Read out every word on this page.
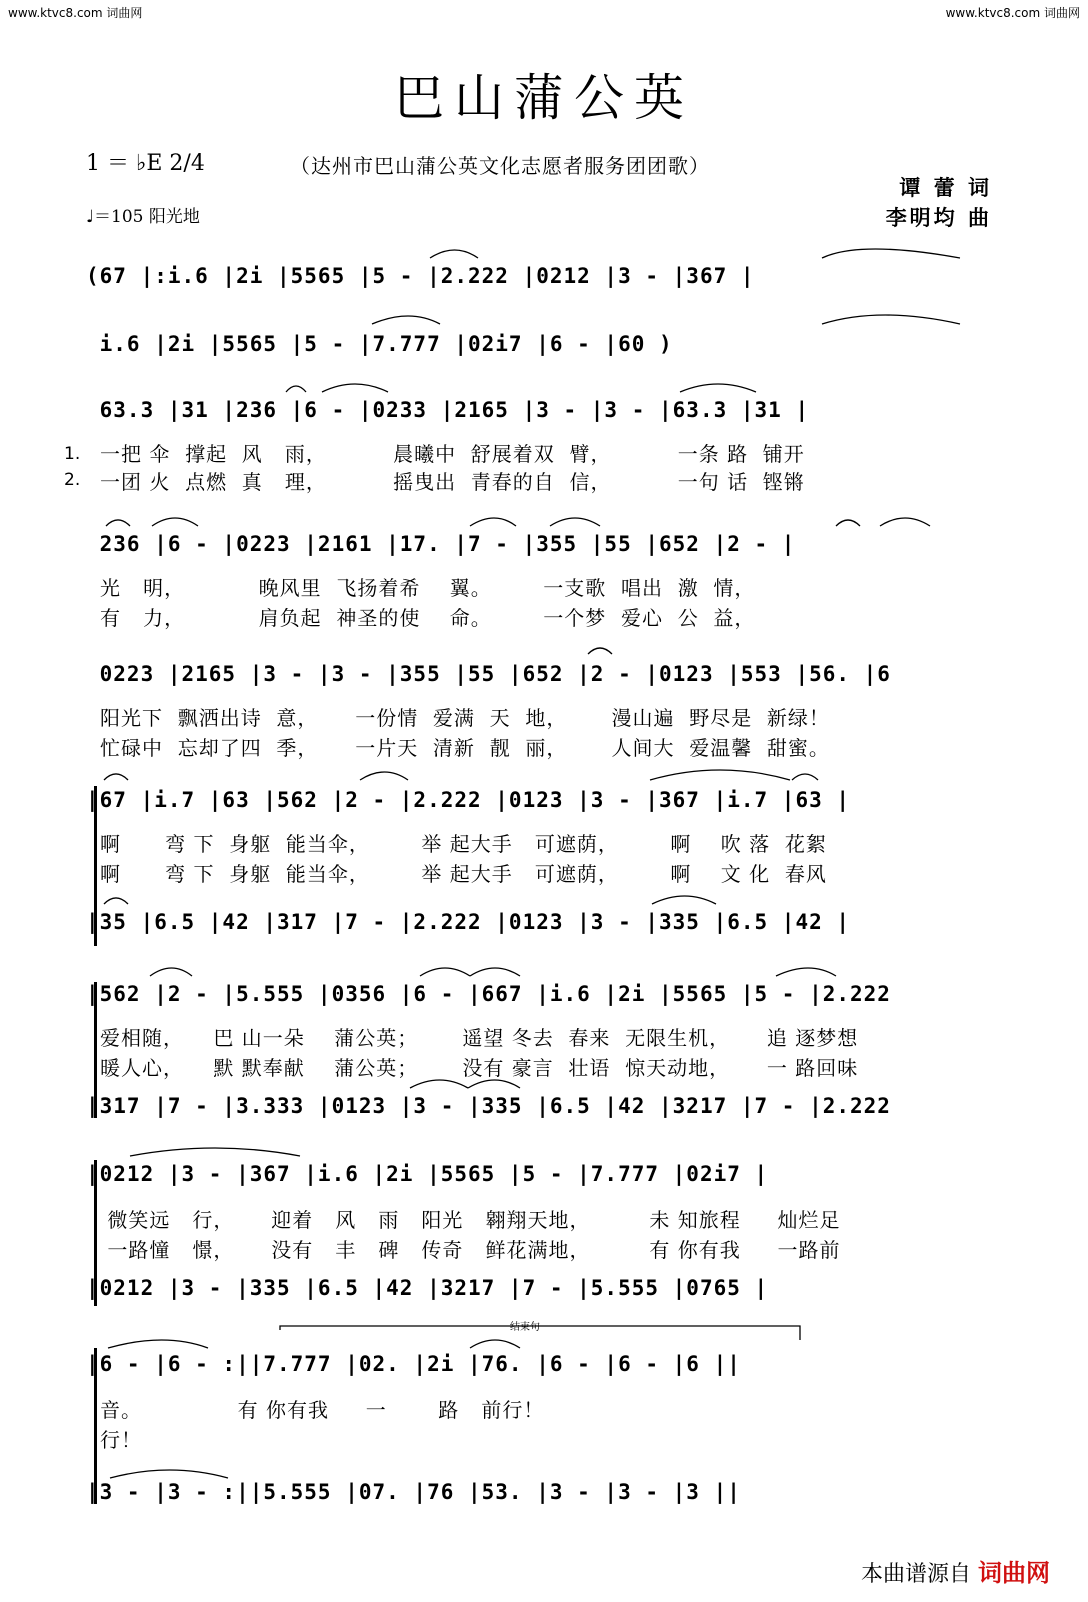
www.ktvc8.com 词曲网	www.ktvc8.com 词曲网
巴山蒲公英
（达州市巴山蒲公英文化志愿者服务团团歌）
1 ＝ ♭E 2/4
♩＝105 阳光地
谭 蕾 词
李明均 曲
(67 |:i.6 |2i |5565 |5 - |2.222 |0212 |3 - |367 |
i.6 |2i |5565 |5 - |7.777 |02i7 |6 - |60 )
63.3 |31 |236 |6 - |0233 |2165 |3 - |3 - |63.3 |31 |
一把 伞  撑起  风   雨，         晨曦中  舒展着双  臂，         一条 路  铺开
1.
一团 火  点燃  真   理，         摇曳出  青春的自  信，         一句 话  铿锵
2.
236 |6 - |0223 |2161 |17. |7 - |355 |55 |652 |2 - |
光   明，          晚风里  飞扬着希    翼。       一支歌  唱出  激  情，
有   力，          肩负起  神圣的使    命。       一个梦  爱心  公  益，
0223 |2165 |3 - |3 - |355 |55 |652 |2 - |0123 |553 |56. |6
阳光下  飘洒出诗  意，     一份情  爱满  天  地，      漫山遍  野尽是  新绿！
忙碌中  忘却了四  季，     一片天  清新  靓  丽，      人间大  爱温馨  甜蜜。
|67 |i.7 |63 |562 |2 - |2.222 |0123 |3 - |367 |i.7 |63 |
啊      弯 下  身躯  能当伞，       举 起大手   可遮荫，       啊    吹 落  花絮
啊      弯 下  身躯  能当伞，       举 起大手   可遮荫，       啊    文 化  春风
|35 |6.5 |42 |317 |7 - |2.222 |0123 |3 - |335 |6.5 |42 |
|562 |2 - |5.555 |0356 |6 - |667 |i.6 |2i |5565 |5 - |2.222
爱相随，    巴 山一朵    蒲公英；      遥望 冬去  春来  无限生机，     追 逐梦想
暖人心，    默 默奉献    蒲公英；      没有 豪言  壮语  惊天动地，     一 路回味
|317 |7 - |3.333 |0123 |3 - |335 |6.5 |42 |3217 |7 - |2.222
|0212 |3 - |367 |i.6 |2i |5565 |5 - |7.777 |02i7 |
微笑远   行，     迎着   风   雨   阳光   翱翔天地，        未 知旅程     灿烂足
一路憧   憬，     没有   丰   碑   传奇   鲜花满地，        有 你有我     一路前
|0212 |3 - |335 |6.5 |42 |3217 |7 - |5.555 |0765 |
结束句
|6 - |6 - :||7.777 |02. |2i |76. |6 - |6 - |6 ||
音。             有 你有我     一       路   前行！
行！
|3 - |3 - :||5.555 |07. |76 |53. |3 - |3 - |3 ||
本曲谱源自 词曲网
